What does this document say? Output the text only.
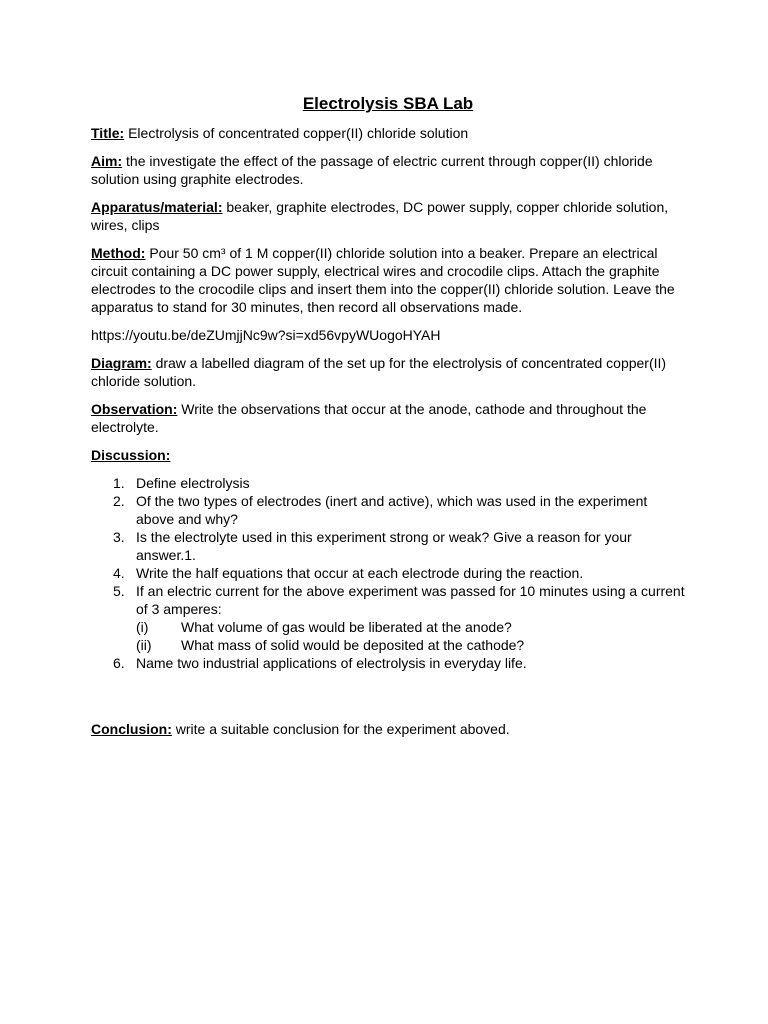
Electrolysis SBA Lab

Title: Electrolysis of concentrated copper(II) chloride solution

Aim: the investigate the effect of the passage of electric current through copper(II) chloride solution using graphite electrodes.

Apparatus/material: beaker, graphite electrodes, DC power supply, copper chloride solution, wires, clips

Method: Pour 50 cm³ of 1 M copper(II) chloride solution into a beaker. Prepare an electrical circuit containing a DC power supply, electrical wires and crocodile clips. Attach the graphite electrodes to the crocodile clips and insert them into the copper(II) chloride solution. Leave the apparatus to stand for 30 minutes, then record all observations made.

https://youtu.be/deZUmjjNc9w?si=xd56vpyWUogoHYAH

Diagram: draw a labelled diagram of the set up for the electrolysis of concentrated copper(II) chloride solution.

Observation: Write the observations that occur at the anode, cathode and throughout the electrolyte.

Discussion:

1. Define electrolysis
2. Of the two types of electrodes (inert and active), which was used in the experiment above and why?
3. Is the electrolyte used in this experiment strong or weak? Give a reason for your answer.1.
4. Write the half equations that occur at each electrode during the reaction.
5. If an electric current for the above experiment was passed for 10 minutes using a current of 3 amperes:
(i) What volume of gas would be liberated at the anode?
(ii) What mass of solid would be deposited at the cathode?
6. Name two industrial applications of electrolysis in everyday life.

Conclusion: write a suitable conclusion for the experiment aboved.
